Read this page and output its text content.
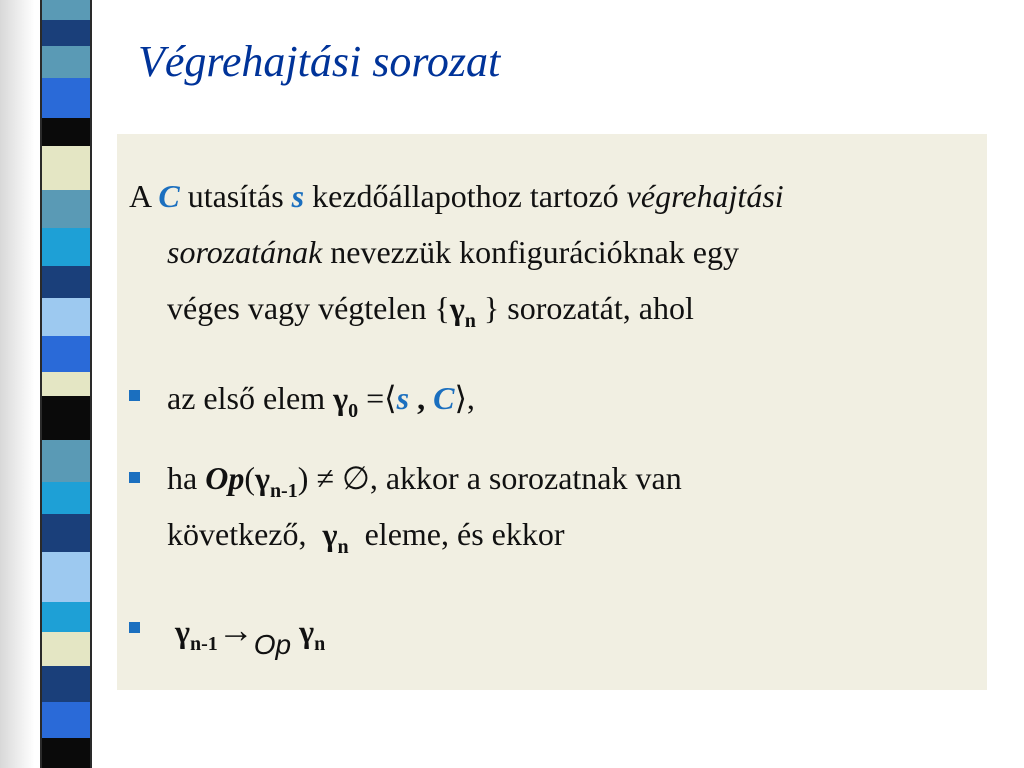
Végrehajtási sorozat
A C utasítás s kezdőállapothoz tartozó végrehajtási
sorozatának nevezzük konfigurációknak egy
véges vagy végtelen {$\gamma_n$ } sorozatát, ahol
az első elem $\gamma_0$ =⟨s , C⟩,
ha $Op(\gamma_{n-1})$ ≠ ∅, akkor a sorozatnak van
következő, $\gamma_n$ eleme, és ekkor
$\gamma_{n-1}\to Op$ $\gamma_n$
